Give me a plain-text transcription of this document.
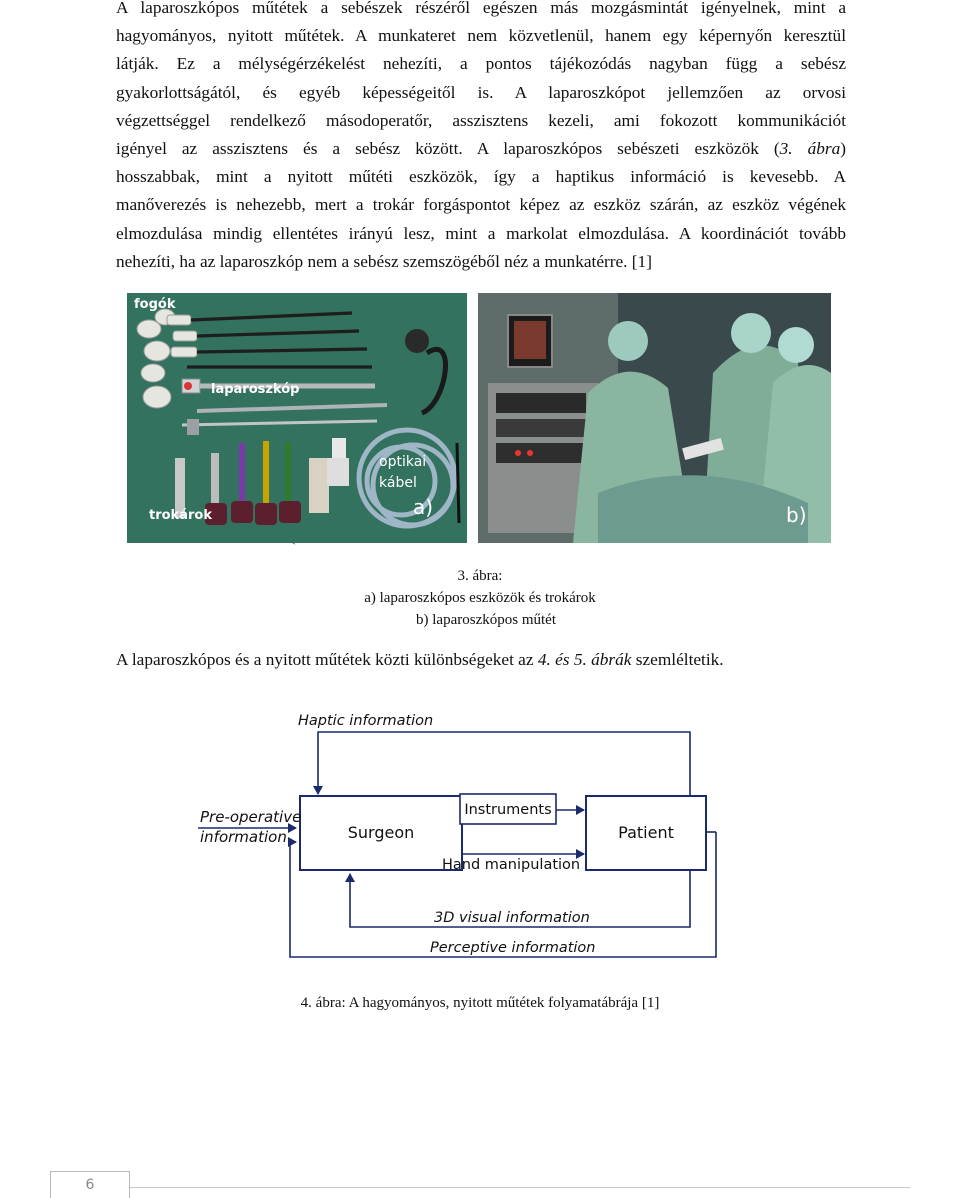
A laparoszkópos műtétek a sebészek részéről egészen más mozgásmintát igényelnek, mint a
hagyományos, nyitott műtétek. A munkateret nem közvetlenül, hanem egy képernyőn keresztül
látják. Ez a mélységérzékelést nehezíti, a pontos tájékozódás nagyban függ a sebész
gyakorlottságától, és egyéb képességeitől is. A laparoszkópot jellemzően az orvosi
végzettséggel rendelkező másodoperatőr, asszisztens kezeli, ami fokozott kommunikációt
igényel az asszisztens és a sebész között. A laparoszkópos sebészeti eszközök (3. ábra)
hosszabbak, mint a nyitott műtéti eszközök, így a haptikus információ is kevesebb. A
manőverezés is nehezebb, mert a trokár forgáspontot képez az eszköz szárán, az eszköz végének
elmozdulása mindig ellentétes irányú lesz, mint a markolat elmozdulása. A koordinációt tovább
nehezíti, ha az laparoszkóp nem a sebész szemszögéből néz a munkatérre. [1]
fogók
laparoszkóp
optikai
kábel
a)
trokárok	b)
`
3. ábra:
a) laparoszkópos eszközök és trokárok
b) laparoszkópos műtét

A laparoszkópos és a nyitott műtétek közti különbségeket az 4. és 5. ábrák szemléltetik.

Haptic information
Pre-operative
information	Surgeon
Instruments
Patient
Hand manipulation
3D visual information
Perceptive information
4. ábra: A hagyományos, nyitott műtétek folyamatábrája [1]
6
